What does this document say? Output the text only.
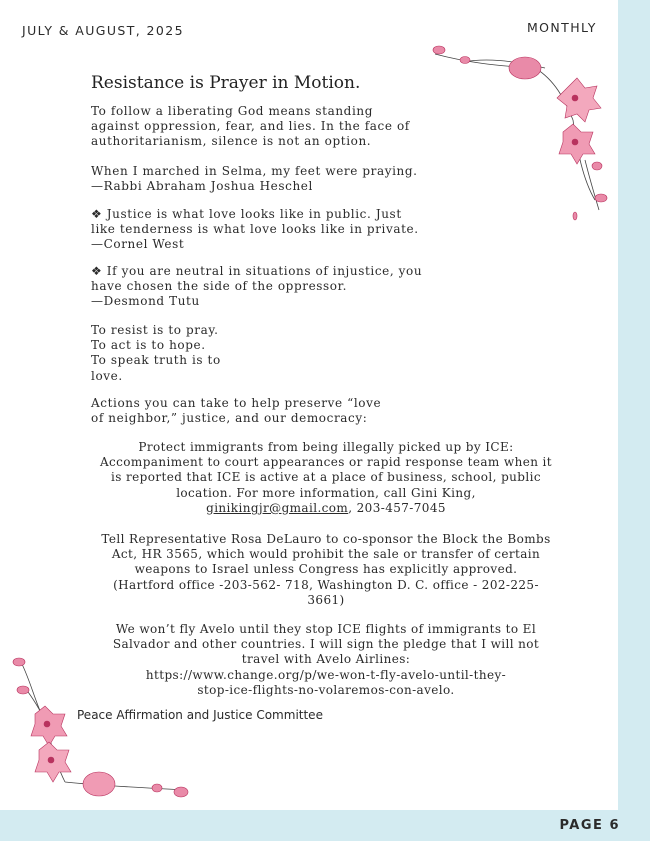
PAGE 6
JULY & AUGUST, 2025	MONTHLY
Resistance is Prayer in Motion.
To follow a liberating God means standing
against oppression, fear, and lies. In the face of
authoritarianism, silence is not an option.
When I marched in Selma, my feet were praying.
—Rabbi Abraham Joshua Heschel
❖ Justice is what love looks like in public. Just
like tenderness is what love looks like in private.
—Cornel West
❖ If you are neutral in situations of injustice, you
have chosen the side of the oppressor.
—Desmond Tutu
To resist is to pray.
To act is to hope.
To speak truth is to
love.
Actions you can take to help preserve “love
of neighbor,” justice, and our democracy:
Protect immigrants from being illegally picked up by ICE:
Accompaniment to court appearances or rapid response team when it
is reported that ICE is active at a place of business, school, public
location. For more information, call Gini King,
ginikingjr@gmail.com, 203-457-7045
Tell Representative Rosa DeLauro to co-sponsor the Block the Bombs
Act, HR 3565, which would prohibit the sale or transfer of certain
weapons to Israel unless Congress has explicitly approved.
(Hartford office -203-562- 718, Washington D. C. office - 202-225-
3661)
We won’t fly Avelo until they stop ICE flights of immigrants to El
Salvador and other countries. I will sign the pledge that I will not
travel with Avelo Airlines:
https://www.change.org/p/we-won-t-fly-avelo-until-they-
stop-ice-flights-no-volaremos-con-avelo.
Peace Affirmation and Justice Committee
